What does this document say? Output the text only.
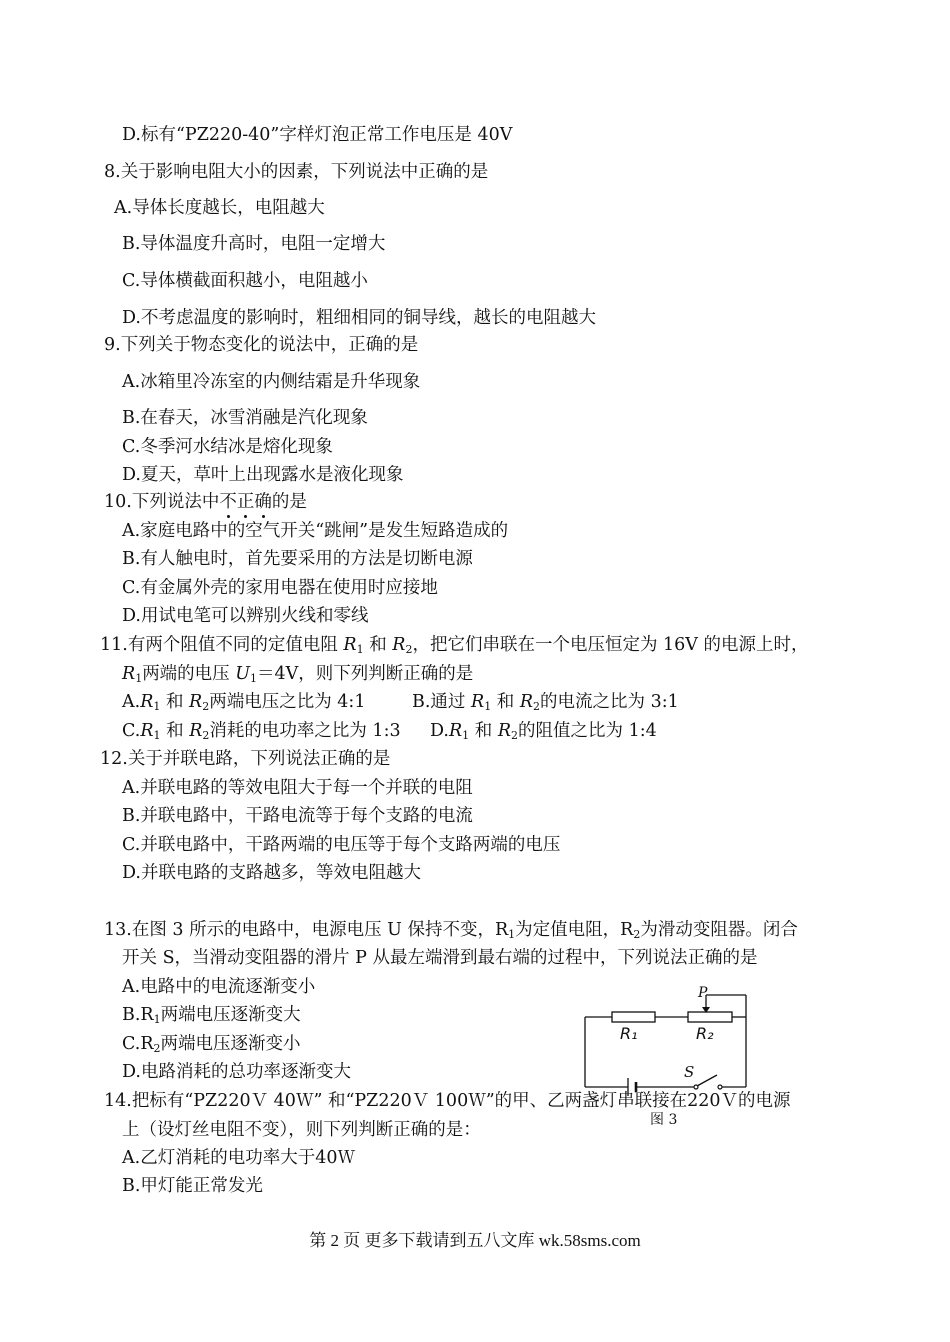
D.标有“PZ220-40”字样灯泡正常工作电压是 40V
8.关于影响电阻大小的因素，下列说法中正确的是
A.导体长度越长，电阻越大
B.导体温度升高时，电阻一定增大
C.导体横截面积越小，电阻越小
D.不考虑温度的影响时，粗细相同的铜导线，越长的电阻越大
9.下列关于物态变化的说法中，正确的是
A.冰箱里冷冻室的内侧结霜是升华现象
B.在春天，冰雪消融是汽化现象
C.冬季河水结冰是熔化现象
D.夏天，草叶上出现露水是液化现象
10.下列说法中不正确的是
A.家庭电路中的空气开关“跳闸”是发生短路造成的
B.有人触电时，首先要采用的方法是切断电源
C.有金属外壳的家用电器在使用时应接地
D.用试电笔可以辨别火线和零线
11.有两个阻值不同的定值电阻 $R_1$ 和 $R_2$，把它们串联在一个电压恒定为 16V 的电源上时，
$R_1$两端的电压 $U_1=4V$，则下列判断正确的是
$A.R_1$ 和 $R_2$两端电压之比为 4:1	B.通过 $R_1$ 和 $R_2$的电流之比为 3:1
$C.R_1$ 和 $R_2$消耗的电功率之比为 1:3 $D.R_1$ 和 $R_2$的阻值之比为 1:4
12.关于并联电路，下列说法正确的是
A.并联电路的等效电阻大于每一个并联的电阻
B.并联电路中，干路电流等于每个支路的电流
C.并联电路中，干路两端的电压等于每个支路两端的电压
D.并联电路的支路越多，等效电阻越大
13.在图 3 所示的电路中，电源电压 U 保持不变，$R_1$为定值电阻，$R_2$为滑动变阻器。闭合
开关 S，当滑动变阻器的滑片 P 从最左端滑到最右端的过程中，下列说法正确的是
A.电路中的电流逐渐变小
$B.R_1$两端电压逐渐变大
$C.R_2$两端电压逐渐变小
D.电路消耗的总功率逐渐变大
P
R₁	R₂
S
图 3
14.把标有“PZ220Ｖ 40Ｗ” 和“PZ220Ｖ 100Ｗ”的甲、乙两盏灯串联接在220Ｖ的电源
上（设灯丝电阻不变），则下列判断正确的是：
A.乙灯消耗的电功率大于40Ｗ
B.甲灯能正常发光
第 2 页 更多下载请到五八文库 wk.58sms.com
